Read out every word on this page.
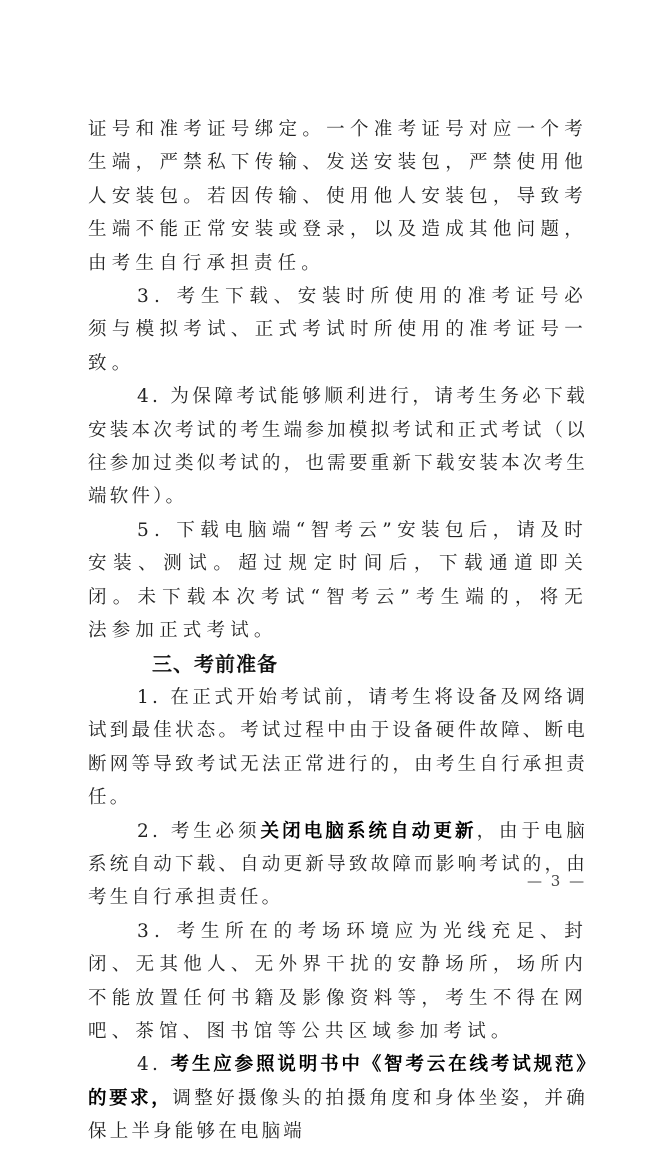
证号和准考证号绑定。一个准考证号对应一个考生端，严禁私下传输、发送安装包，严禁使用他人安装包。若因传输、使用他人安装包，导致考生端不能正常安装或登录，以及造成其他问题，由考生自行承担责任。

3. 考生下载、安装时所使用的准考证号必须与模拟考试、正式考试时所使用的准考证号一致。

4. 为保障考试能够顺利进行，请考生务必下载安装本次考试的考生端参加模拟考试和正式考试（以往参加过类似考试的，也需要重新下载安装本次考生端软件）。

5. 下载电脑端“智考云”安装包后，请及时安装、测试。超过规定时间后，下载通道即关闭。未下载本次考试“智考云”考生端的，将无法参加正式考试。

三、考前准备

1. 在正式开始考试前，请考生将设备及网络调试到最佳状态。考试过程中由于设备硬件故障、断电断网等导致考试无法正常进行的，由考生自行承担责任。

2. 考生必须关闭电脑系统自动更新，由于电脑系统自动下载、自动更新导致故障而影响考试的，由考生自行承担责任。

3. 考生所在的考场环境应为光线充足、封闭、无其他人、无外界干扰的安静场所，场所内不能放置任何书籍及影像资料等，考生不得在网吧、茶馆、图书馆等公共区域参加考试。

4. 考生应参照说明书中《智考云在线考试规范》的要求，调整好摄像头的拍摄角度和身体坐姿，并确保上半身能够在电脑端

— 3 —
